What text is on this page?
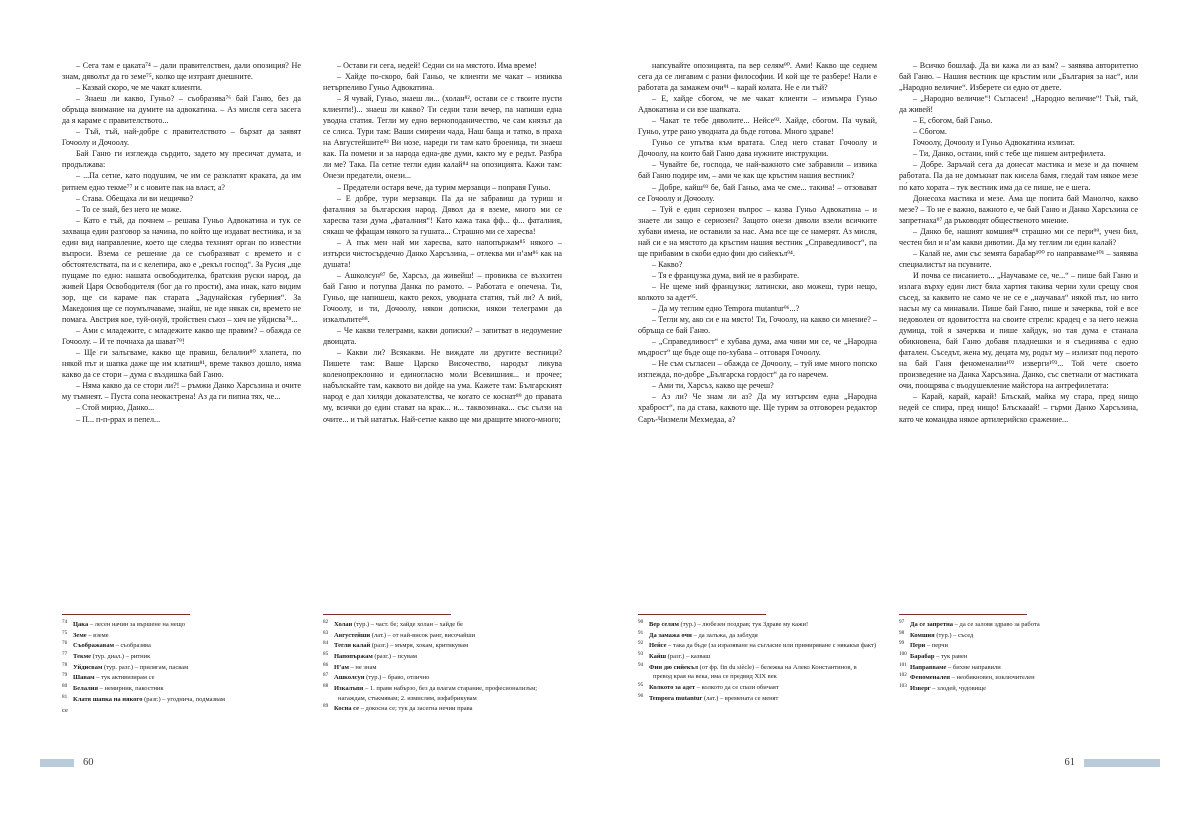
– Сега там е цаката⁷⁴ – дали правителствен, дали опозиция? Не знам, дяволът да го земе⁷⁵, колко ще изтраят днешните.

– Казвай скоро, че ме чакат клиенти.

– Знаеш ли какво, Гуньо? – съобразява⁷⁶ бай Ганю, без да обръща внимание на думите на адвокатина. – Аз мисля сега засега да я караме с правителството...

– Тъй, тъй, най-добре с правителството – бързат да заявят Гочоолу и Дочоолу.

Бай Ганю ги изглежда сърдито, задето му пресичат думата, и продължава:

– ...Па сетне, като подушим, че им се разклатят краката, да им ритнем едно текме⁷⁷ и с новите пак на власт, а?

– Става. Обещаха ли ви нещичко?

– То се знай, без него не може.

– Като е тъй, да почнем – решава Гуньо Адвокатина и тук се захваща един разговор за начина, по който ще издават вестника, и за един вид направление, което ще следва техният орган по известни въпроси. Взема се решение да се съобразяват с времето и с обстоятелствата, па и с келепира, ако е „рекъл господ“. За Русия „ще пущаме по едно: нашата освободителка, братския руски народ, да живей Царя Освободителя (бог да го прости), ама инак, като видим зор, ще си караме пак старата „Задунайская губерния“. За Македония ще се поумълчаваме, знайш, не иде някак си, времето не помага. Австрия кое, туй-онуй, тройствен съюз – хич не уйдисва⁷⁸...

– Ами с младежите, с младежите какво ще правим? – обажда се Гочоолу. – И те почнаха да шават⁷⁹!

– Ще ги залъгваме, какво ще правиш, белалии⁸⁰ хлапета, по някой път и шапка даже ще им клатиш⁸¹, време таквоз дошло, няма какво да се стори – дума с въздишка бай Ганю.

– Няма какво да се стори ли?! – ръмжи Данко Харсъзина и очите му тъмнеят. – Пуста сопа неокастрена! Аз да ги пипна тях, че...

– Стой мирно, Данко...

– П... п-п-ррах и пепел...

– Остави ги сега, недей! Седни си на мястото. Има време!

– Хайде по-скоро, бай Ганьо, че клиенти ме чакат – извиква нетърпеливо Гуньо Адвокатина.

– Я чувай, Гуньо, знаеш ли... (холан⁸², остави се с твоите пусти клиенти!)... знаеш ли какво? Ти седни тази вечер, па напиши една уводна статия. Тегли му едно верноподаничество, че сам князът да се слиса. Тури там: Ваши смирени чада, Наш баща и татко, в праха на Августейшите⁸³ Ви нозе, нареди ги там като броеница, ти знаеш как. Па помени и за народа една-две думи, както му е редът. Разбра ли ме? Така. Па сетне тегли един калай⁸⁴ на опозицията. Кажи там: Онези предатели, онези...

– Предатели остаря вече, да турим мерзавци – поправя Гуньо.

– Е добре, тури мерзавци. Па да не забравиш да туриш и фаталния за българския народ. Дявол да я вземе, много ми се харесва тази дума „фаталния“! Като кажа така фф... ф... фаталния, сякаш че ффащам някого за гушата... Страшно ми се харесва!

– А пък мен най ми харесва, като напопържам⁸⁵ някого – изтърси чистосърдечно Данко Харсъзина, – отлеква ми н’ам⁸⁶ как на душата!

– Ашколсун⁸⁷ бе, Харсъз, да живейш! – провиква се възхитен бай Ганю и потупва Данка по рамото. – Работата е опечена. Ти, Гуньо, ще напишеш, както рекох, уводната статия, тъй ли? А вий, Гочоолу, и ти, Дочоолу, някои дописки, някои телеграми да изкалъпите⁸⁸.

– Че какви телеграми, какви дописки? – запитват в недоумение двоицата.

– Какви ли? Всякакви. Не виждате ли другите вестници? Пишете там: Ваше Царско Височество, народът ликува коленопреклонно и единогласно моли Всевишния... и прочее; набълскайте там, каквото ви дойде на ума. Кажете там: Българският народ е дал хиляди доказателства, че когато се коснат⁸⁹ до правата му, всички до един стават на крак... и... таквозинака... със сълзи на очите... и тъй нататък. Най-сетне какво ще ми дращите много-много;

74 Цака – лесен начин за вършене на нещо
75 Земе – вземе
76 Съображавам – съобразява
77 Текме (тур. диал.) – ритник
78 Уйдисвам (тур. разг.) – прилягам, пасвам
79 Шавам – тук активизирам се
80 Белалия – немирник, пакостник
81 Клатя шапка на някого (разг.) – угоднича, подмазвам
се
82 Холан (тур.) – част. бе; хайде холан – хайде бе
83 Августейши (лат.) – от най-висок ранг, височайши
84 Тегли калай (разг.) – мъмря, хокам, критикувам
85 Напопържам (разг.) – псувам
86 Н’ам – не знам
87 Ашколсун (тур.) – браво, отлично
88 Изкалъпя – 1. правя набързо, без да влагам старание, професионализъм; нагаждам, стъкмявам; 2. измислям, изфабрикувам
89 Косна се – докосна се; тук да засегна нечии права
60

напсувайте опозицията, па вер селям⁹⁰. Ами! Какво ще седнем сега да се лигавим с разни философии. И кой ще те разбере! Нали е работата да замажем очи⁹¹ – карай колата. Не е ли тъй?

– Е, хайде сбогом, че ме чакат клиенти – измъмра Гуньо Адвокатина и си взе шапката.

– Чакат те тебе дяволите... Нейсе⁹². Хайде, сбогом. Па чувай, Гуньо, утре рано уводната да бъде готова. Много здраве!

Гуньо се упътва към вратата. След него стават Гочоолу и Дочоолу, на които бай Ганю дава нужните инструкции.

– Чувайте бе, господа, че най-важното сме забравили – извика бай Ганю подире им, – ами че как ще кръстим нашия вестник?

– Добре, кайш⁹³ бе, бай Ганьо, ама че сме... такива! – отзовават се Гочоолу и Дочоолу.

– Туй е един сериозен въпрос – казва Гуньо Адвокатина – и знаете ли защо е сериозен? Защото онези дяволи взели всичките хубави имена, не оставили за нас. Ама все ще се намерят. Аз мисля, най си е на мястото да кръстим нашия вестник „Справедливост“, па ще прибавим в скоби едно фин дю сийекъл⁹⁴.

– Какво?

– Тя е французка дума, вий не я разбирате.

– Не щеме ний французки; латински, ако можеш, тури нещо, колкото за адет⁹⁵.

– Да му теглим едно Tempora mutantur⁹⁶...?

– Тегли му, ако си е на място! Ти, Гочоолу, на какво си мнение? – обръща се бай Ганю.

– „Справедливост“ е хубава дума, ама чини ми се, че „Народна мъдрост“ ще бъде още по-хубава – отговаря Гочоолу.

– Не съм съгласен – обажда се Дочоолу, – туй име много попско изглежда, по-добре „Българска гордост“ да го наречем.

– Ами ти, Харсъз, какво ще речеш?

– Аз ли? Че знам ли аз? Да му изтърсим една „Народна храброст“, па да става, каквото ще. Ще турим за отговорен редактор Саръ-Чизмели Мехмедаа, а?

– Всичко бошлаф. Да ви кажа ли аз вам? – заявява авторитетно бай Ганю. – Нашия вестник ще кръстим или „България за нас“, или „Народно величие“. Изберете си едно от двете.

– „Народно величие“! Съгласен! „Народно величие“! Тъй, тъй, да живей!

– Е, сбогом, бай Ганьо.

– Сбогом.

Гочоолу, Дочоолу и Гуньо Адвокатина излизат.

– Ти, Данко, остани, ний с тебе ще пишем антрефилета.

– Добре. Заръчай сега да донесат мастика и мезе и да почнем работата. Па да не домъкнат пак кисела бамя, гледай там някое мезе по́ като хората – тук вестник има да се пише, не е шега.

Донесоха мастика и мезе. Ама ще попита бай Манолчо, какво мезе? – То не е важно, важното е, че бай Ганю и Данко Харсъзина се запретнаха⁹⁷ да ръководят общественото мнение.

– Данко бе, нашият комшия⁹⁸ страшно ми се пери⁹⁹, учен бил, честен бил и н’ам какви дивотии. Да му теглим ли един калай?

– Калай не, ами със земята барабар¹⁰⁰ го направваме¹⁰¹ – заявява специалистът на псувните.

И почва се писанието... „Научаваме се, че...“ – пише бай Ганю и излага върху един лист бяла хартия такива черни хули срещу своя съсед, за каквито не само че не се е „научавал“ някой път, но нито насън му са минавали. Пише бай Ганю, пише и зачерква, той е все недоволен от ядовитостта на своите стрели: крадец е за него нежна думица, той я зачерква и пише хайдук, но тая дума е станала обикновена, бай Ганю добавя пладнешки и я съединява с едно фатален. Съседът, жена му, децата му, родът му – излизат под перото на бай Ганя феноменални¹⁰² изверги¹⁰³... Той чете своето произведение на Данка Харсъзина. Данко, със светнали от мастиката очи, поощрява с въодушевление майстора на антрефилетата:

– Карай, карай, карай! Блъскай, майка му стара, пред нищо недей се спира, пред нищо! Блъскааай! – гърми Данко Харсъзина, като че командва някое артилерийско сражение...

90 Вер селям (тур.) – любезен поздрав; тук Здраве му кажи!
91 Да замажа очи – да залъжа, да заблудя
92 Нейсе – така да бъде (за изразяване на съгласие или примиряване с някакъв факт)
93 Кайш (разг.) – казваш
94 Фин дю сийекъл (от фр. fin du siècle) – бележка на Алеко Константинов, в превод края на века, има се предвид XIX век
95 Колкото за адет – колкото да се спази обичаят
96 Tempora mutantur (лат.) – времената се менят
97 Да се запретна – да се заловя здраво за работа
98 Комшия (тур.) – съсед
99 Пери – перчи
100 Барабар – тук равен
101 Направваме – бихме направили
102 Феноменален – необикновен, изключителен
103 Изверг – злодей, чудовище
61
